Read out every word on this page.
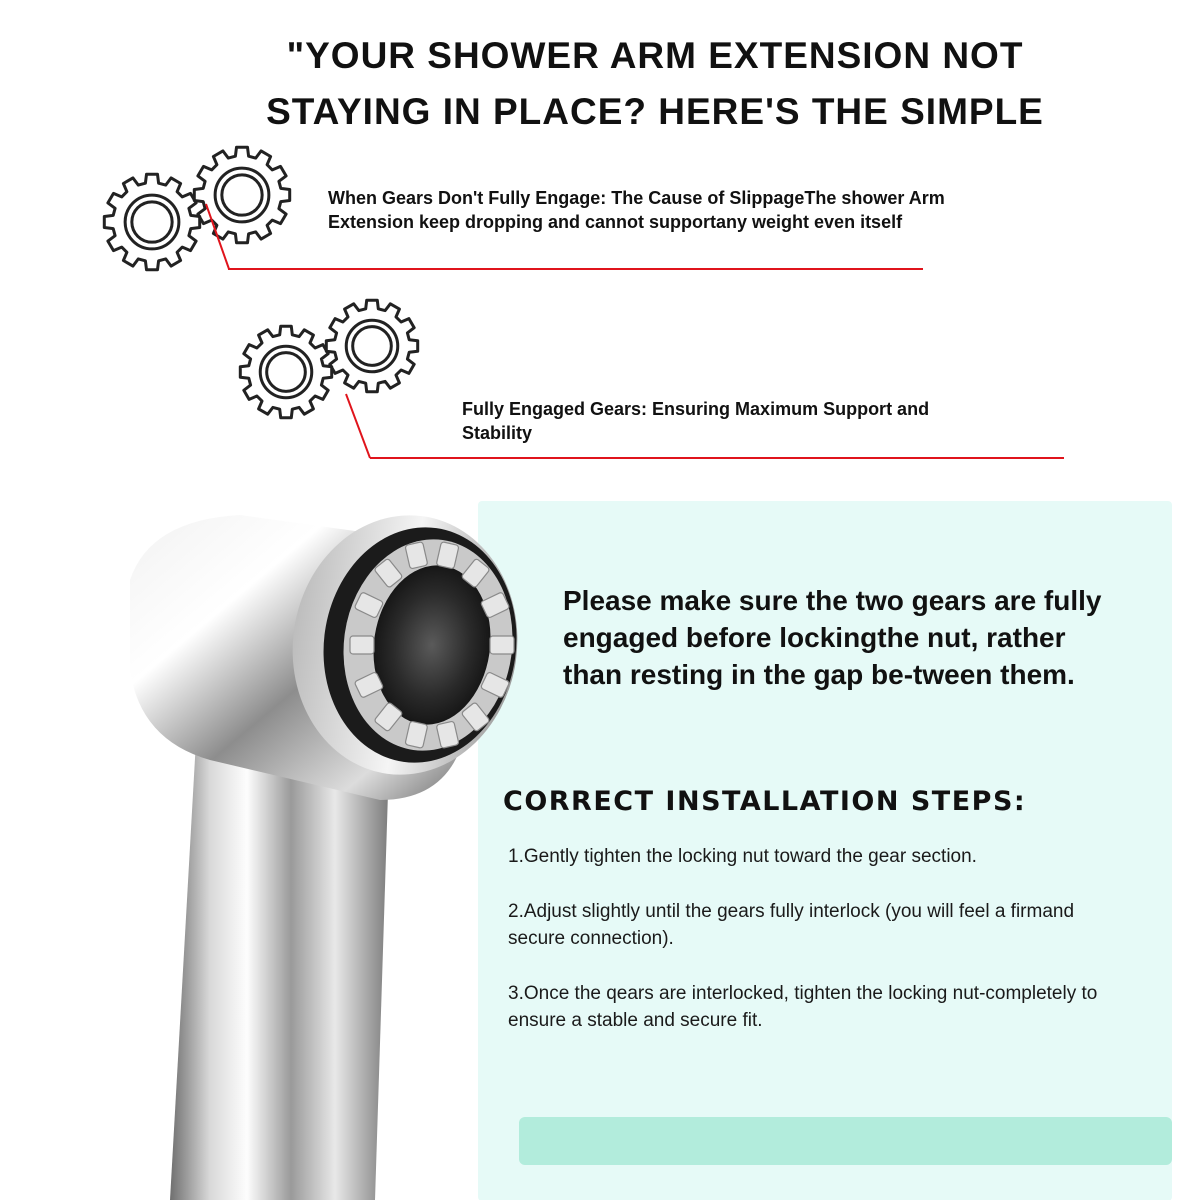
"YOUR SHOWER ARM EXTENSION NOT
STAYING IN PLACE? HERE'S THE SIMPLE
When Gears Don't Fully Engage: The Cause of SlippageThe shower Arm Extension keep dropping and cannot supportany weight even itself
Fully Engaged Gears: Ensuring Maximum Support and Stability
Please make sure the two gears are fully engaged before lockingthe nut, rather than resting in the gap be-tween them.
CORRECT INSTALLATION STEPS:
1.Gently tighten the locking nut toward the gear section.
2.Adjust slightly until the gears fully interlock (you will feel a firmand secure connection).
3.Once the qears are interlocked, tighten the locking nut-completely to ensure a stable and secure fit.
